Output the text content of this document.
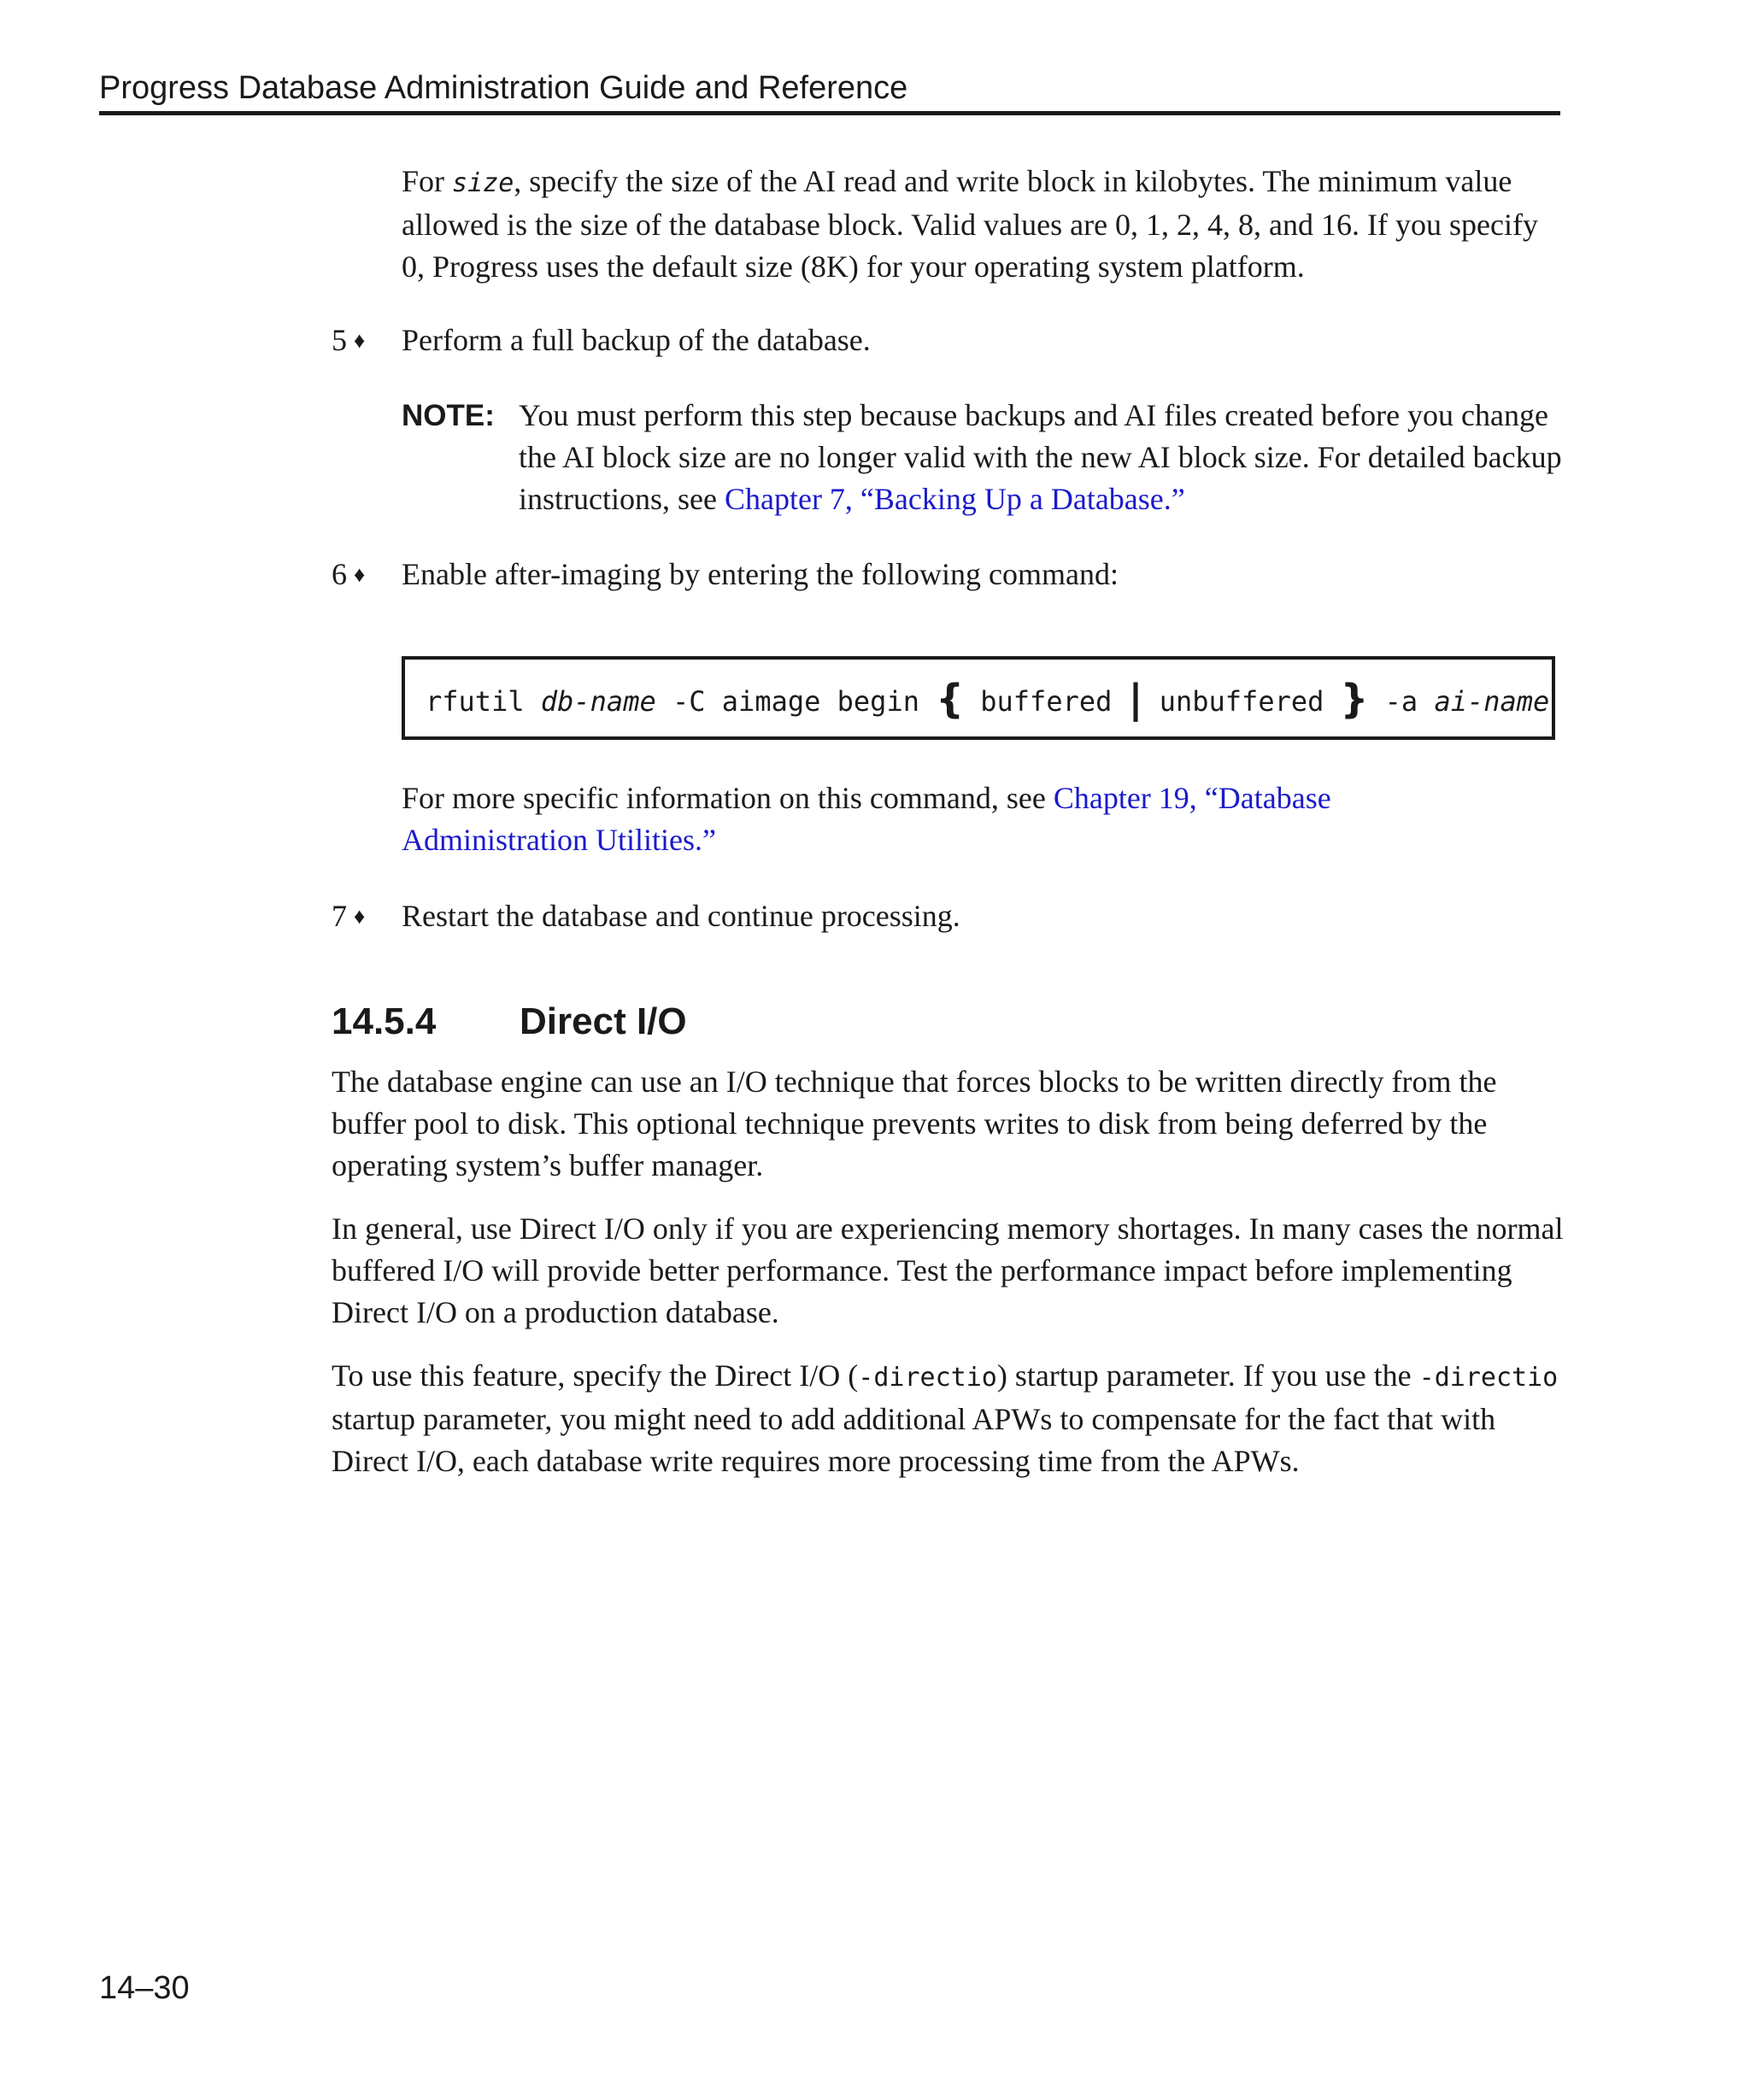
Progress Database Administration Guide and Reference

For size, specify the size of the AI read and write block in kilobytes. The minimum value allowed is the size of the database block. Valid values are 0, 1, 2, 4, 8, and 16. If you specify 0, Progress uses the default size (8K) for your operating system platform.

5 ♦	Perform a full backup of the database.

NOTE: You must perform this step because backups and AI files created before you change the AI block size are no longer valid with the new AI block size. For detailed backup instructions, see Chapter 7, “Backing Up a Database.”

6 ♦	Enable after-imaging by entering the following command:

rfutil db-name -C aimage begin { buffered | unbuffered } -a ai-name

For more specific information on this command, see Chapter 19, “Database Administration Utilities.”

7 ♦	Restart the database and continue processing.

14.5.4 Direct I/O

The database engine can use an I/O technique that forces blocks to be written directly from the buffer pool to disk. This optional technique prevents writes to disk from being deferred by the operating system’s buffer manager.

In general, use Direct I/O only if you are experiencing memory shortages. In many cases the normal buffered I/O will provide better performance. Test the performance impact before implementing Direct I/O on a production database.

To use this feature, specify the Direct I/O (-directio) startup parameter. If you use the -directio startup parameter, you might need to add additional APWs to compensate for the fact that with Direct I/O, each database write requires more processing time from the APWs.

14–30
